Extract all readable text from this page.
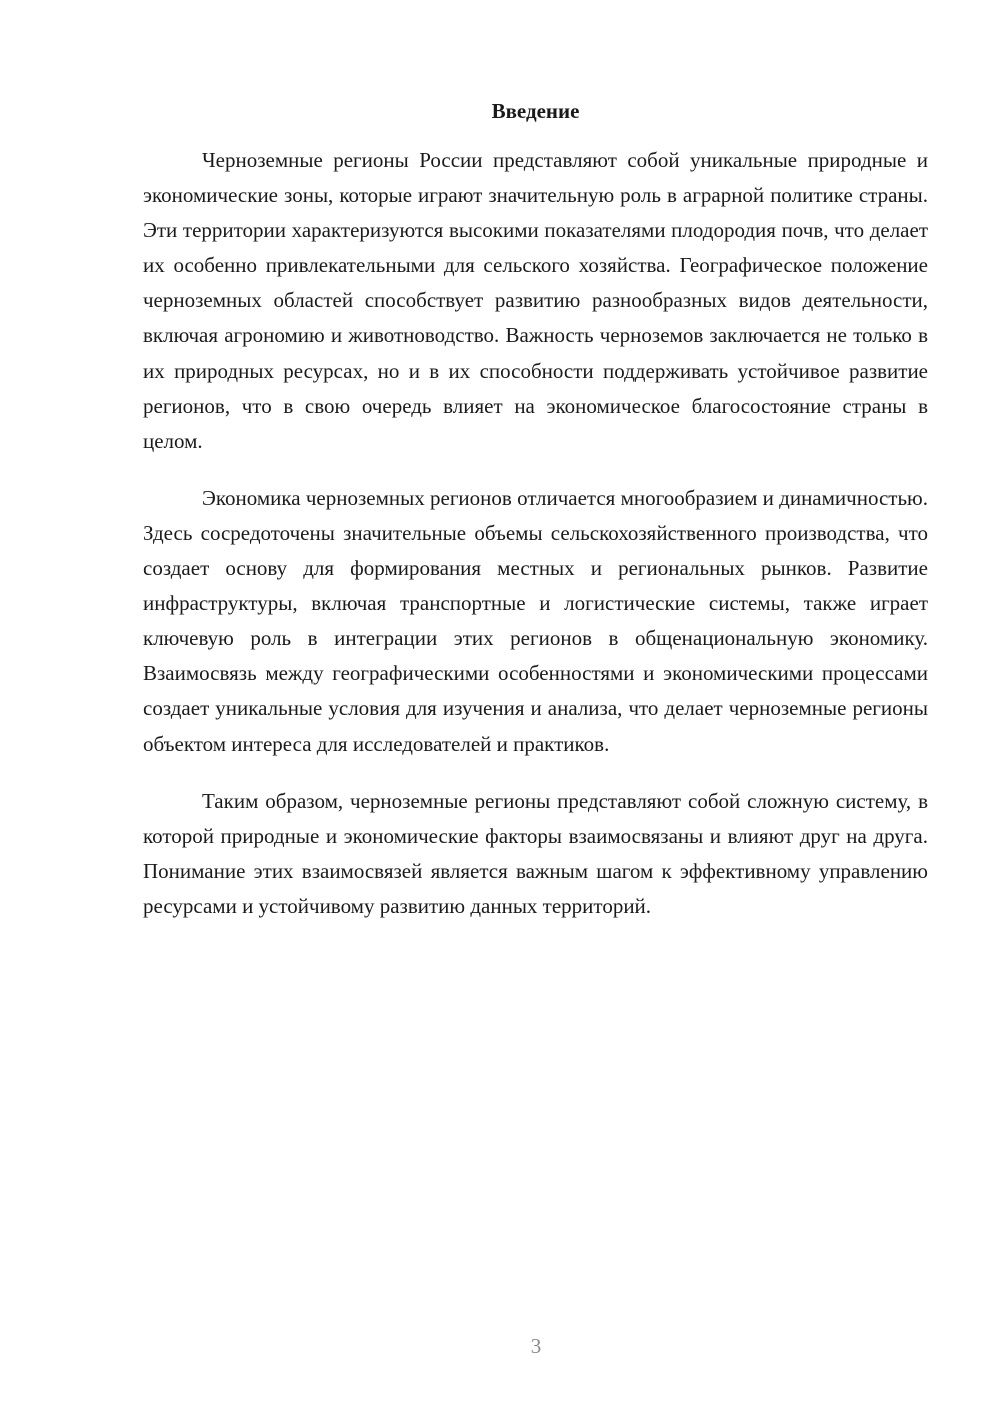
Введение

Черноземные регионы России представляют собой уникальные природные и экономические зоны, которые играют значительную роль в аграрной политике страны. Эти территории характеризуются высокими показателями плодородия почв, что делает их особенно привлекательными для сельского хозяйства. Географическое положение черноземных областей способствует развитию разнообразных видов деятельности, включая агрономию и животноводство. Важность черноземов заключается не только в их природных ресурсах, но и в их способности поддерживать устойчивое развитие регионов, что в свою очередь влияет на экономическое благосостояние страны в целом.

Экономика черноземных регионов отличается многообразием и динамичностью. Здесь сосредоточены значительные объемы сельскохозяйственного производства, что создает основу для формирования местных и региональных рынков. Развитие инфраструктуры, включая транспортные и логистические системы, также играет ключевую роль в интеграции этих регионов в общенациональную экономику. Взаимосвязь между географическими особенностями и экономическими процессами создает уникальные условия для изучения и анализа, что делает черноземные регионы объектом интереса для исследователей и практиков.

Таким образом, черноземные регионы представляют собой сложную систему, в которой природные и экономические факторы взаимосвязаны и влияют друг на друга. Понимание этих взаимосвязей является важным шагом к эффективному управлению ресурсами и устойчивому развитию данных территорий.

3
